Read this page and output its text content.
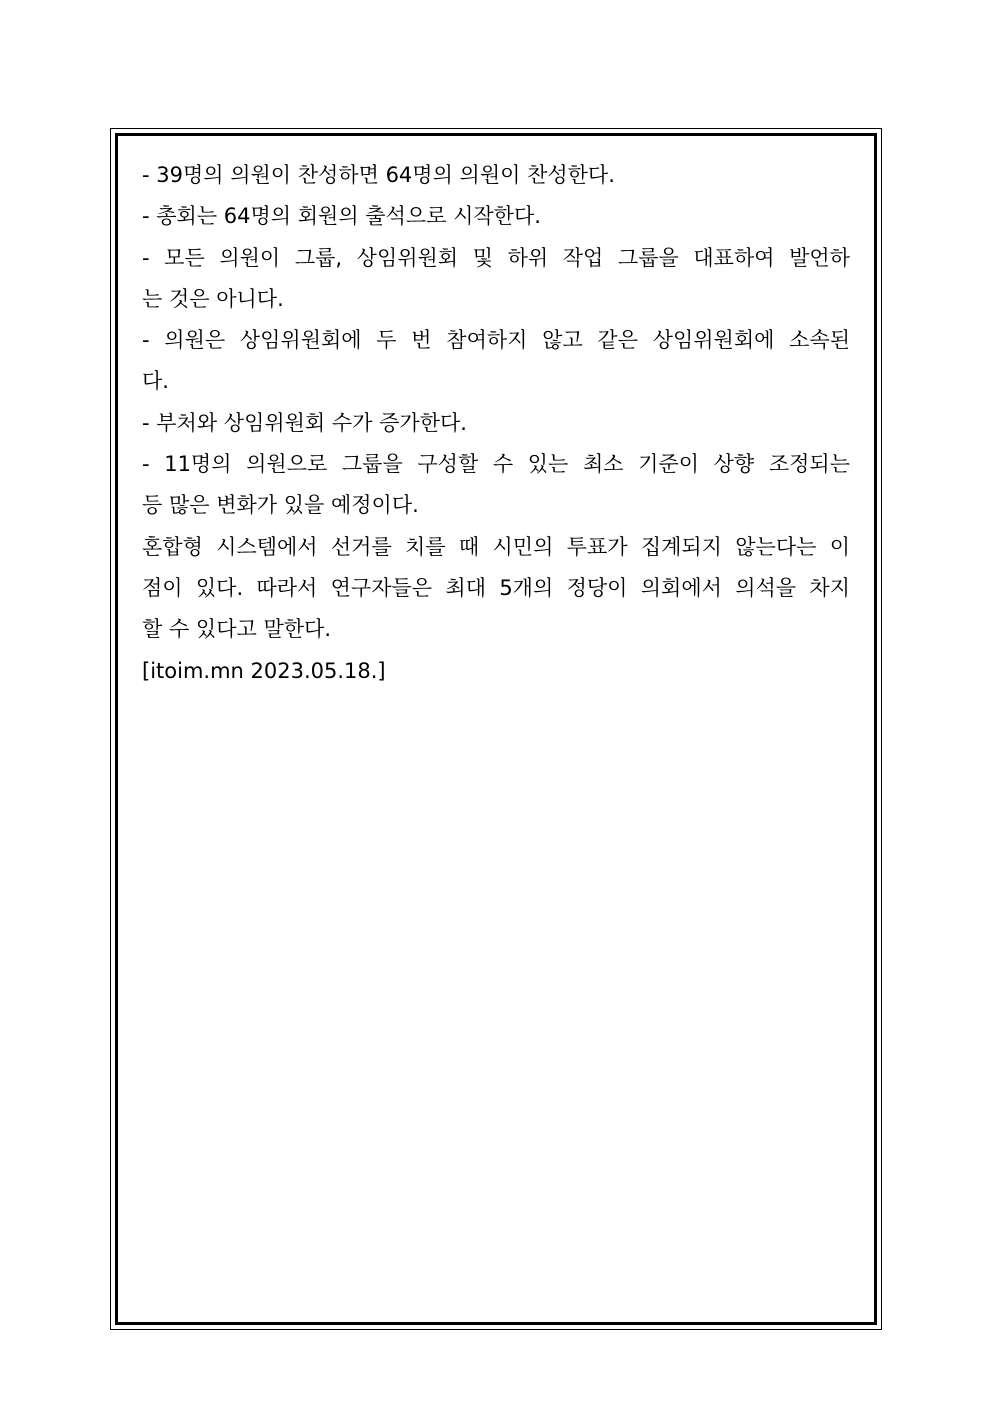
- 39명의 의원이 찬성하면 64명의 의원이 찬성한다.
- 총회는 64명의 회원의 출석으로 시작한다.
- 모든 의원이 그룹, 상임위원회 및 하위 작업 그룹을 대표하여 발언하
는 것은 아니다.
- 의원은 상임위원회에 두 번 참여하지 않고 같은 상임위원회에 소속된
다.
- 부처와 상임위원회 수가 증가한다.
- 11명의 의원으로 그룹을 구성할 수 있는 최소 기준이 상향 조정되는
등 많은 변화가 있을 예정이다.
혼합형 시스템에서 선거를 치를 때 시민의 투표가 집계되지 않는다는 이
점이 있다. 따라서 연구자들은 최대 5개의 정당이 의회에서 의석을 차지
할 수 있다고 말한다.
[itoim.mn 2023.05.18.]
